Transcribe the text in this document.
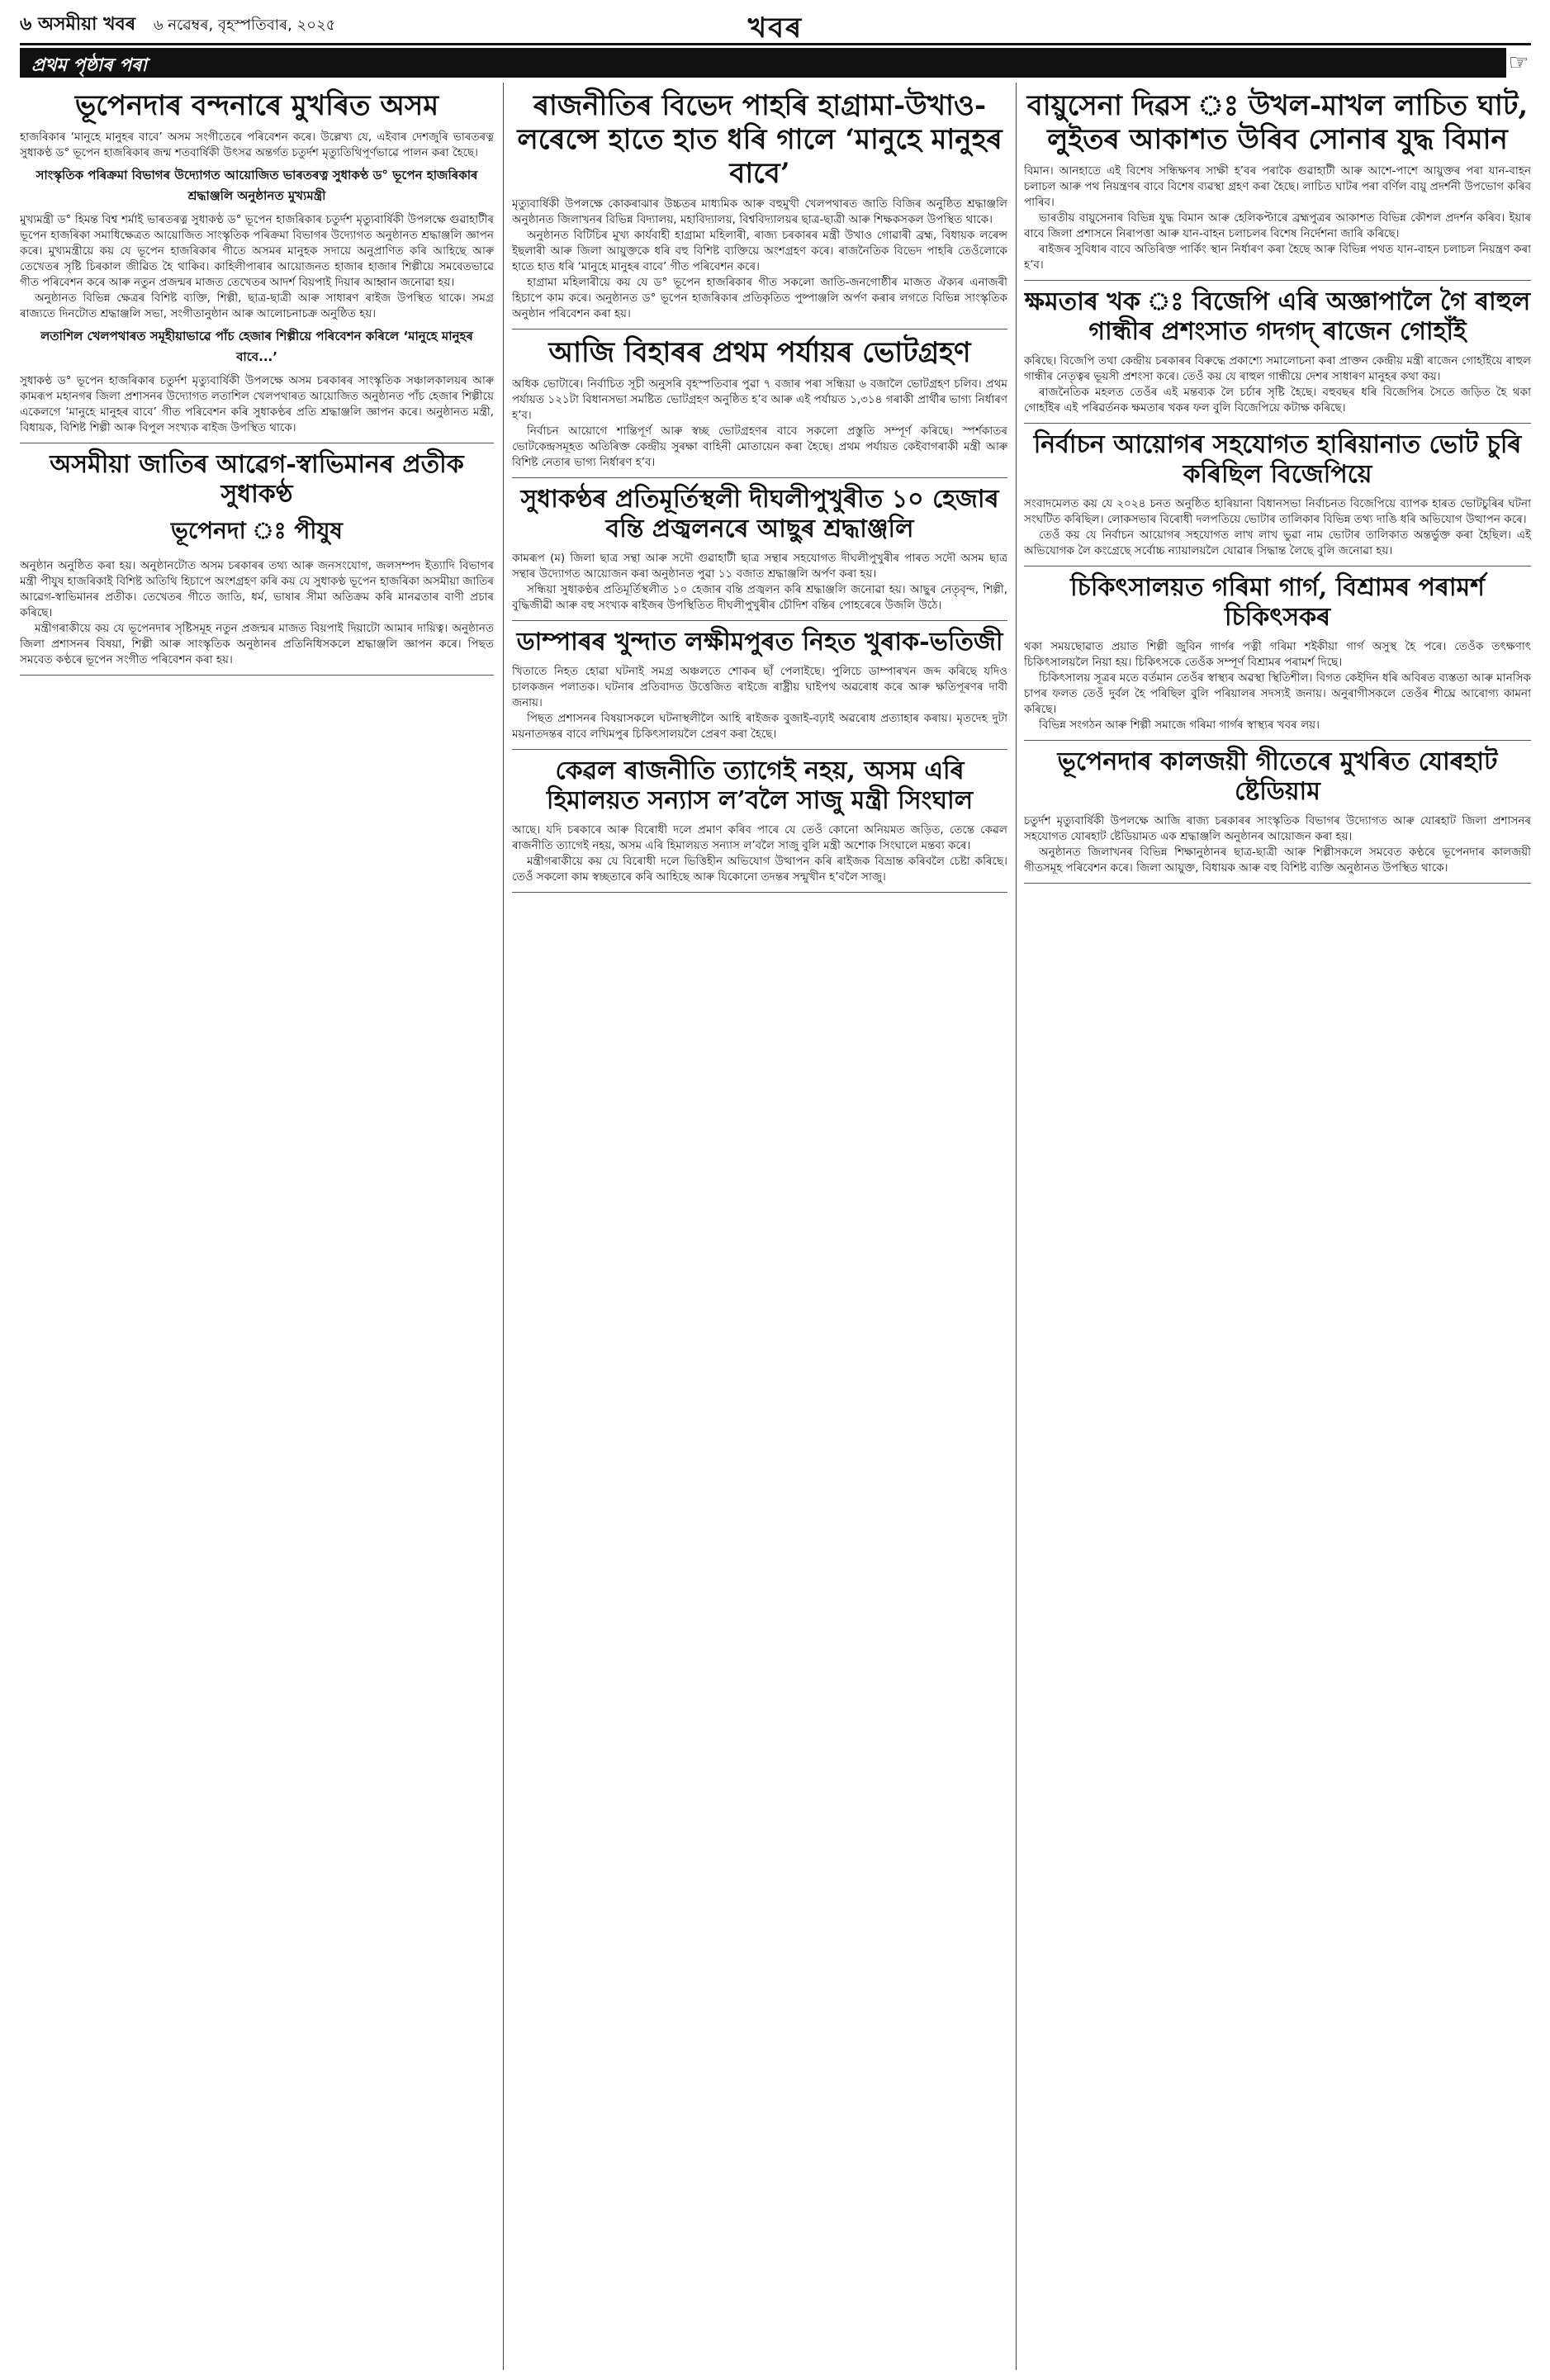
৬ অসমীয়া খবৰ ৬ নৱেম্বৰ, বৃহস্পতিবাৰ, ২০২৫	খবৰ
প্ৰথম পৃষ্ঠাৰ পৰা	☞
ভূপেনদাৰ বন্দনাৰে মুখৰিত অসম

হাজৰিকাৰ ‘মানুহে মানুহৰ বাবে’ অসম সংগীতেৰে পৰিবেশন কৰে। উল্লেখ্য যে, এইবাৰ দেশজুৰি ভাৰতৰত্ন সুধাকণ্ঠ ড° ভূপেন হাজৰিকাৰ জন্ম শতবাৰ্ষিকী উৎসৱ অন্তৰ্গত চতুৰ্দশ মৃত্যুতিথিপূৰ্ণভাৱে পালন কৰা হৈছে।

সাংস্কৃতিক পৰিক্ৰমা বিভাগৰ উদ্যোগত আয়োজিত ভাৰতৰত্ন সুধাকণ্ঠ ড° ভূপেন হাজৰিকাৰ শ্ৰদ্ধাঞ্জলি অনুষ্ঠানত মুখ্যমন্ত্ৰী

মুখ্যমন্ত্ৰী ড° হিমন্ত বিশ্ব শৰ্মাই ভাৰতৰত্ন সুধাকণ্ঠ ড° ভূপেন হাজৰিকাৰ চতুৰ্দশ মৃত্যুবাৰ্ষিকী উপলক্ষে গুৱাহাটীৰ ভূপেন হাজৰিকা সমাধিক্ষেত্ৰত আয়োজিত সাংস্কৃতিক পৰিক্ৰমা বিভাগৰ উদ্যোগত অনুষ্ঠানত শ্ৰদ্ধাঞ্জলি জ্ঞাপন কৰে। মুখ্যমন্ত্ৰীয়ে কয় যে ভূপেন হাজৰিকাৰ গীতে অসমৰ মানুহক সদায়ে অনুপ্ৰাণিত কৰি আহিছে আৰু তেখেতৰ সৃষ্টি চিৰকাল জীৱিত হৈ থাকিব। কাহিলীপাৰাৰ আয়োজনত হাজাৰ হাজাৰ শিল্পীয়ে সমবেতভাৱে গীত পৰিবেশন কৰে আৰু নতুন প্ৰজন্মৰ মাজত তেখেতৰ আদৰ্শ বিয়পাই দিয়াৰ আহ্বান জনোৱা হয়।

অনুষ্ঠানত বিভিন্ন ক্ষেত্ৰৰ বিশিষ্ট ব্যক্তি, শিল্পী, ছাত্ৰ-ছাত্ৰী আৰু সাধাৰণ ৰাইজ উপস্থিত থাকে। সমগ্ৰ ৰাজ্যতে দিনটোত শ্ৰদ্ধাঞ্জলি সভা, সংগীতানুষ্ঠান আৰু আলোচনাচক্ৰ অনুষ্ঠিত হয়।

লতাশিল খেলপথাৰত সমূহীয়াভাৱে পাঁচ হেজাৰ শিল্পীয়ে পৰিবেশন কৰিলে ‘মানুহে মানুহৰ বাবে...’

সুধাকণ্ঠ ড° ভূপেন হাজৰিকাৰ চতুৰ্দশ মৃত্যুবাৰ্ষিকী উপলক্ষে অসম চৰকাৰৰ সাংস্কৃতিক সঞ্চালকালয়ৰ আৰু কামৰূপ মহানগৰ জিলা প্ৰশাসনৰ উদ্যোগত লতাশিল খেলপথাৰত আয়োজিত অনুষ্ঠানত পাঁচ হেজাৰ শিল্পীয়ে একেলগে ‘মানুহে মানুহৰ বাবে’ গীত পৰিবেশন কৰি সুধাকণ্ঠৰ প্ৰতি শ্ৰদ্ধাঞ্জলি জ্ঞাপন কৰে। অনুষ্ঠানত মন্ত্ৰী, বিধায়ক, বিশিষ্ট শিল্পী আৰু বিপুল সংখ্যক ৰাইজ উপস্থিত থাকে।

অসমীয়া জাতিৰ আৱেগ-স্বাভিমানৰ প্ৰতীক সুধাকণ্ঠ
ভূপেনদা ঃ পীযুষ

অনুষ্ঠান অনুষ্ঠিত কৰা হয়। অনুষ্ঠানটোত অসম চৰকাৰৰ তথ্য আৰু জনসংযোগ, জলসম্পদ ইত্যাদি বিভাগৰ মন্ত্ৰী পীযুষ হাজৰিকাই বিশিষ্ট অতিথি হিচাপে অংশগ্ৰহণ কৰি কয় যে সুধাকণ্ঠ ভূপেন হাজৰিকা অসমীয়া জাতিৰ আৱেগ-স্বাভিমানৰ প্ৰতীক। তেখেতৰ গীতে জাতি, ধৰ্ম, ভাষাৰ সীমা অতিক্ৰম কৰি মানৱতাৰ বাণী প্ৰচাৰ কৰিছে।

মন্ত্ৰীগৰাকীয়ে কয় যে ভূপেনদাৰ সৃষ্টিসমূহ নতুন প্ৰজন্মৰ মাজত বিয়পাই দিয়াটো আমাৰ দায়িত্ব। অনুষ্ঠানত জিলা প্ৰশাসনৰ বিষয়া, শিল্পী আৰু সাংস্কৃতিক অনুষ্ঠানৰ প্ৰতিনিধিসকলে শ্ৰদ্ধাঞ্জলি জ্ঞাপন কৰে। পিছত সমবেত কণ্ঠৰে ভূপেন সংগীত পৰিবেশন কৰা হয়।

ৰাজনীতিৰ বিভেদ পাহৰি হাগ্ৰামা-উখাও-লৰেন্সে হাতে হাত ধৰি গালে ‘মানুহে মানুহৰ বাবে’

মৃত্যুবাৰ্ষিকী উপলক্ষে কোকৰাঝাৰ উচ্চতৰ মাধ্যমিক আৰু বহুমুখী খেলপথাৰত জাতি বিজিৰ অনুষ্ঠিত শ্ৰদ্ধাঞ্জলি অনুষ্ঠানত জিলাখনৰ বিভিন্ন বিদ্যালয়, মহাবিদ্যালয়, বিশ্ববিদ্যালয়ৰ ছাত্ৰ-ছাত্ৰী আৰু শিক্ষকসকল উপস্থিত থাকে।

অনুষ্ঠানত বিটিচিৰ মুখ্য কাৰ্যবাহী হাগ্ৰামা মহিলাৰী, ৰাজ্য চৰকাৰৰ মন্ত্ৰী উখাও গোৱাৰী ব্ৰহ্ম, বিধায়ক লৰেন্স ইছলাৰী আৰু জিলা আয়ুক্তকে ধৰি বহু বিশিষ্ট ব্যক্তিয়ে অংশগ্ৰহণ কৰে। ৰাজনৈতিক বিভেদ পাহৰি তেওঁলোকে হাতে হাত ধৰি ‘মানুহে মানুহৰ বাবে’ গীত পৰিবেশন কৰে।

হাগ্ৰামা মহিলাৰীয়ে কয় যে ড° ভূপেন হাজৰিকাৰ গীত সকলো জাতি-জনগোষ্ঠীৰ মাজত ঐক্যৰ এনাজৰী হিচাপে কাম কৰে। অনুষ্ঠানত ড° ভূপেন হাজৰিকাৰ প্ৰতিকৃতিত পুষ্পাঞ্জলি অৰ্পণ কৰাৰ লগতে বিভিন্ন সাংস্কৃতিক অনুষ্ঠান পৰিবেশন কৰা হয়।

আজি বিহাৰৰ প্ৰথম পৰ্যায়ৰ ভোটগ্ৰহণ

অধিক ভোটাৰে। নিৰ্বাচিত সূচী অনুসৰি বৃহস্পতিবাৰ পুৱা ৭ বজাৰ পৰা সন্ধিয়া ৬ বজালৈ ভোটগ্ৰহণ চলিব। প্ৰথম পৰ্যায়ত ১২১টা বিধানসভা সমষ্টিত ভোটগ্ৰহণ অনুষ্ঠিত হ’ব আৰু এই পৰ্যায়ত ১,৩১৪ গৰাকী প্ৰাৰ্থীৰ ভাগ্য নিৰ্ধাৰণ হ’ব।

নিৰ্বাচন আয়োগে শান্তিপূৰ্ণ আৰু স্বচ্ছ ভোটগ্ৰহণৰ বাবে সকলো প্ৰস্তুতি সম্পূৰ্ণ কৰিছে। স্পৰ্শকাতৰ ভোটকেন্দ্ৰসমূহত অতিৰিক্ত কেন্দ্ৰীয় সুৰক্ষা বাহিনী মোতায়েন কৰা হৈছে। প্ৰথম পৰ্যায়ত কেইবাগৰাকী মন্ত্ৰী আৰু বিশিষ্ট নেতাৰ ভাগ্য নিৰ্ধাৰণ হ’ব।

সুধাকণ্ঠৰ প্ৰতিমূৰ্তিস্থলী দীঘলীপুখুৰীত ১০ হেজাৰ বন্তি প্ৰজ্বলনৰে আছুৰ শ্ৰদ্ধাঞ্জলি

কামৰূপ (ম) জিলা ছাত্ৰ সন্থা আৰু সদৌ গুৱাহাটী ছাত্ৰ সন্থাৰ সহযোগত দীঘলীপুখুৰীৰ পাৰত সদৌ অসম ছাত্ৰ সন্থাৰ উদ্যোগত আয়োজন কৰা অনুষ্ঠানত পুৱা ১১ বজাত শ্ৰদ্ধাঞ্জলি অৰ্পণ কৰা হয়।

সন্ধিয়া সুধাকণ্ঠৰ প্ৰতিমূৰ্তিস্থলীত ১০ হেজাৰ বন্তি প্ৰজ্বলন কৰি শ্ৰদ্ধাঞ্জলি জনোৱা হয়। আছুৰ নেতৃবৃন্দ, শিল্পী, বুদ্ধিজীৱী আৰু বহু সংখ্যক ৰাইজৰ উপস্থিতিত দীঘলীপুখুৰীৰ চৌদিশ বন্তিৰ পোহৰেৰে উজলি উঠে।

ডাম্পাৰৰ খুন্দাত লক্ষীমপুৰত নিহত খুৰাক-ভতিজী

খিতাতে নিহত হোৱা ঘটনাই সমগ্ৰ অঞ্চলতে শোকৰ ছাঁ পেলাইছে। পুলিচে ডাম্পাৰখন জব্দ কৰিছে যদিও চালকজন পলাতক। ঘটনাৰ প্ৰতিবাদত উত্তেজিত ৰাইজে ৰাষ্ট্ৰীয় ঘাইপথ অৱৰোধ কৰে আৰু ক্ষতিপূৰণৰ দাবী জনায়।

পিছত প্ৰশাসনৰ বিষয়াসকলে ঘটনাস্থলীলৈ আহি ৰাইজক বুজাই-বঢ়াই অৱৰোধ প্ৰত্যাহাৰ কৰায়। মৃতদেহ দুটা ময়নাতদন্তৰ বাবে লখিমপুৰ চিকিৎসালয়লৈ প্ৰেৰণ কৰা হৈছে।

কেৱল ৰাজনীতি ত্যাগেই নহয়, অসম এৰি হিমালয়ত সন্যাস ল’বলৈ সাজু মন্ত্ৰী সিংঘাল

আছে। যদি চৰকাৰে আৰু বিৰোধী দলে প্ৰমাণ কৰিব পাৰে যে তেওঁ কোনো অনিয়মত জড়িত, তেন্তে কেৱল ৰাজনীতি ত্যাগেই নহয়, অসম এৰি হিমালয়ত সন্যাস ল’বলৈ সাজু বুলি মন্ত্ৰী অশোক সিংঘালে মন্তব্য কৰে।

মন্ত্ৰীগৰাকীয়ে কয় যে বিৰোধী দলে ভিত্তিহীন অভিযোগ উত্থাপন কৰি ৰাইজক বিভ্ৰান্ত কৰিবলৈ চেষ্টা কৰিছে। তেওঁ সকলো কাম স্বচ্ছতাৰে কৰি আহিছে আৰু যিকোনো তদন্তৰ সন্মুখীন হ’বলৈ সাজু।

বায়ুসেনা দিৱস ঃ উখল-মাখল লাচিত ঘাট, লুইতৰ আকাশত উৰিব সোনাৰ যুদ্ধ বিমান

বিমান। আনহাতে এই বিশেষ সন্ধিক্ষণৰ সাক্ষী হ’বৰ পৰাকৈ গুৱাহাটী আৰু আশে-পাশে আয়ুক্তৰ পৰা যান-বাহন চলাচল আৰু পথ নিয়ন্ত্ৰণৰ বাবে বিশেষ ব্যৱস্থা গ্ৰহণ কৰা হৈছে। লাচিত ঘাটৰ পৰা বৰ্ণিল বায়ু প্ৰদৰ্শনী উপভোগ কৰিব পাৰিব।

ভাৰতীয় বায়ুসেনাৰ বিভিন্ন যুদ্ধ বিমান আৰু হেলিকপ্টাৰে ব্ৰহ্মপুত্ৰৰ আকাশত বিভিন্ন কৌশল প্ৰদৰ্শন কৰিব। ইয়াৰ বাবে জিলা প্ৰশাসনে নিৰাপত্তা আৰু যান-বাহন চলাচলৰ বিশেষ নিৰ্দেশনা জাৰি কৰিছে।

ৰাইজৰ সুবিধাৰ বাবে অতিৰিক্ত পাৰ্কিং স্থান নিৰ্ধাৰণ কৰা হৈছে আৰু বিভিন্ন পথত যান-বাহন চলাচল নিয়ন্ত্ৰণ কৰা হ’ব।

ক্ষমতাৰ খক ঃ বিজেপি এৰি অজ্ঞাপালৈ গৈ ৰাহুল গান্ধীৰ প্ৰশংসাত গদগদ্ ৰাজেন গোহাঁই

কৰিছে। বিজেপি তথা কেন্দ্ৰীয় চৰকাৰৰ বিৰুদ্ধে প্ৰকাশ্যে সমালোচনা কৰা প্ৰাক্তন কেন্দ্ৰীয় মন্ত্ৰী ৰাজেন গোহাঁইয়ে ৰাহুল গান্ধীৰ নেতৃত্বৰ ভূয়সী প্ৰশংসা কৰে। তেওঁ কয় যে ৰাহুল গান্ধীয়ে দেশৰ সাধাৰণ মানুহৰ কথা কয়।

ৰাজনৈতিক মহলত তেওঁৰ এই মন্তব্যক লৈ চৰ্চাৰ সৃষ্টি হৈছে। বহুবছৰ ধৰি বিজেপিৰ সৈতে জড়িত হৈ থকা গোহাঁইৰ এই পৰিৱৰ্তনক ক্ষমতাৰ খকৰ ফল বুলি বিজেপিয়ে কটাক্ষ কৰিছে।

নিৰ্বাচন আয়োগৰ সহযোগত হাৰিয়ানাত ভোট চুৰি কৰিছিল বিজেপিয়ে

সংবাদমেলত কয় যে ২০২৪ চনত অনুষ্ঠিত হাৰিয়ানা বিধানসভা নিৰ্বাচনত বিজেপিয়ে ব্যাপক হাৰত ভোটচুৰিৰ ঘটনা সংঘটিত কৰিছিল। লোকসভাৰ বিৰোধী দলপতিয়ে ভোটাৰ তালিকাৰ বিভিন্ন তথ্য দাঙি ধৰি অভিযোগ উত্থাপন কৰে।

তেওঁ কয় যে নিৰ্বাচন আয়োগৰ সহযোগত লাখ লাখ ভুৱা নাম ভোটাৰ তালিকাত অন্তৰ্ভুক্ত কৰা হৈছিল। এই অভিযোগক লৈ কংগ্ৰেছে সৰ্বোচ্চ ন্যায়ালয়লৈ যোৱাৰ সিদ্ধান্ত লৈছে বুলি জনোৱা হয়।

চিকিৎসালয়ত গৰিমা গাৰ্গ, বিশ্ৰামৰ পৰামৰ্শ চিকিৎসকৰ

থকা সময়ছোৱাত প্ৰয়াত শিল্পী জুবিন গাৰ্গৰ পত্নী গৰিমা শইকীয়া গাৰ্গ অসুস্থ হৈ পৰে। তেওঁক তৎক্ষণাৎ চিকিৎসালয়লৈ নিয়া হয়। চিকিৎসকে তেওঁক সম্পূৰ্ণ বিশ্ৰামৰ পৰামৰ্শ দিছে।

চিকিৎসালয় সূত্ৰৰ মতে বৰ্তমান তেওঁৰ স্বাস্থ্যৰ অৱস্থা স্থিতিশীল। বিগত কেইদিন ধৰি অবিৰত ব্যস্ততা আৰু মানসিক চাপৰ ফলত তেওঁ দুৰ্বল হৈ পৰিছিল বুলি পৰিয়ালৰ সদস্যই জনায়। অনুৰাগীসকলে তেওঁৰ শীঘ্ৰে আৰোগ্য কামনা কৰিছে।

বিভিন্ন সংগঠন আৰু শিল্পী সমাজে গৰিমা গাৰ্গৰ স্বাস্থ্যৰ খবৰ লয়।

ভূপেনদাৰ কালজয়ী গীতেৰে মুখৰিত যোৰহাট ষ্টেডিয়াম

চতুৰ্দশ মৃত্যুবাৰ্ষিকী উপলক্ষে আজি ৰাজ্য চৰকাৰৰ সাংস্কৃতিক বিভাগৰ উদ্যোগত আৰু যোৰহাট জিলা প্ৰশাসনৰ সহযোগত যোৰহাট ষ্টেডিয়ামত এক শ্ৰদ্ধাঞ্জলি অনুষ্ঠানৰ আয়োজন কৰা হয়।

অনুষ্ঠানত জিলাখনৰ বিভিন্ন শিক্ষানুষ্ঠানৰ ছাত্ৰ-ছাত্ৰী আৰু শিল্পীসকলে সমবেত কণ্ঠৰে ভূপেনদাৰ কালজয়ী গীতসমূহ পৰিবেশন কৰে। জিলা আয়ুক্ত, বিধায়ক আৰু বহু বিশিষ্ট ব্যক্তি অনুষ্ঠানত উপস্থিত থাকে।
